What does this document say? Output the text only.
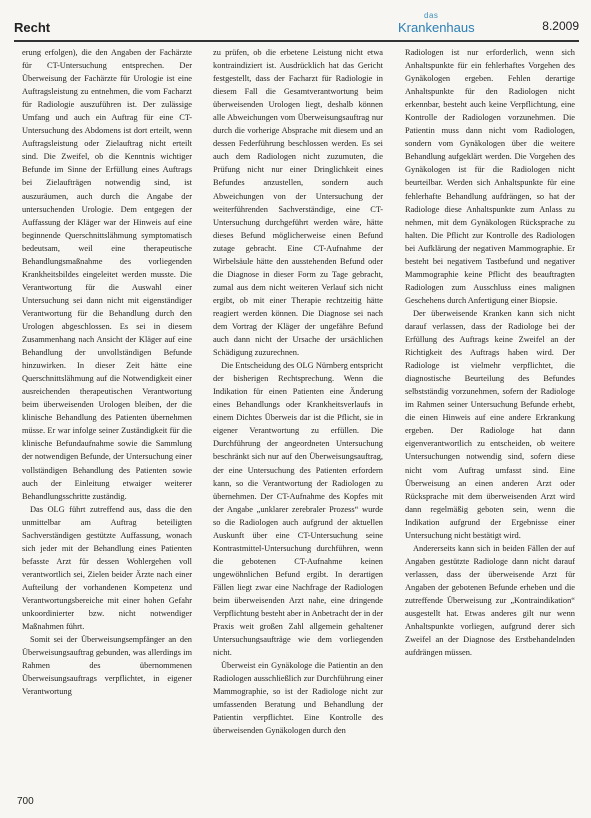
Recht
das
Krankenhaus	8.2009

erung erfolgen), die den Angaben der Fachärzte für CT-Untersuchung entsprechen. Der Überweisung der Fachärzte für Urologie ist eine Auftragsleistung zu entnehmen, die vom Facharzt für Radiologie auszuführen ist. Der zulässige Umfang und auch ein Auftrag für eine CT-Untersuchung des Abdomens ist dort erteilt, wenn Auftragsleistung oder Zielauftrag nicht erteilt sind. Die Zweifel, ob die Kenntnis wichtiger Befunde im Sinne der Erfüllung eines Auftrags bei Zielaufträgen notwendig sind, ist auszuräumen, auch durch die Angabe der untersuchenden Urologie. Dem entgegen der Auffassung der Kläger war der Hinweis auf eine beginnende Querschnittslähmung symptomatisch bedeutsam, weil eine therapeutische Behandlungsmaßnahme des vorliegenden Krankheitsbildes eingeleitet werden musste. Die Verantwortung für die Auswahl einer Untersuchung sei dann nicht mit eigenständiger Verantwortung für die Behandlung durch den Urologen abgeschlossen. Es sei in diesem Zusammenhang nach Ansicht der Kläger auf eine Behandlung der unvollständigen Befunde hinzuwirken. In dieser Zeit hätte eine Querschnittslähmung auf die Notwendigkeit einer ausreichenden therapeutischen Verantwortung beim überweisenden Urologen bleiben, der die klinische Behandlung des Patienten übernehmen müsse. Er war infolge seiner Zuständigkeit für die klinische Befundaufnahme sowie die Sammlung der notwendigen Befunde, der Untersuchung einer vollständigen Behandlung des Patienten sowie auch der Einleitung etwaiger weiterer Behandlungsschritte zuständig.

Das OLG führt zutreffend aus, dass die den unmittelbar am Auftrag beteiligten Sachverständigen gestützte Auffassung, wonach sich jeder mit der Behandlung eines Patienten befasste Arzt für dessen Wohlergehen voll verantwortlich sei, Zielen beider Ärzte nach einer Aufteilung der vorhandenen Kompetenz und Verantwortungsbereiche mit einer hohen Gefahr unkoordinierter bzw. nicht notwendiger Maßnahmen führt.

Somit sei der Überweisungsempfänger an den Überweisungsauftrag gebunden, was allerdings im Rahmen des übernommenen Überweisungsauftrags verpflichtet, in eigener Verantwortung

zu prüfen, ob die erbetene Leistung nicht etwa kontraindiziert ist. Ausdrücklich hat das Gericht festgestellt, dass der Facharzt für Radiologie in diesem Fall die Gesamtverantwortung beim überweisenden Urologen liegt, deshalb können alle Abweichungen vom Überweisungsauftrag nur durch die vorherige Absprache mit diesem und an dessen Federführung beschlossen werden. Es sei auch dem Radiologen nicht zuzumuten, die Prüfung nicht nur einer Dringlichkeit eines Befundes anzustellen, sondern auch Abweichungen von der Untersuchung der weiterführenden Sachverständige, eine CT-Untersuchung durchgeführt werden wäre, hätte dieses Befund möglicherweise einen Befund zutage gebracht. Eine CT-Aufnahme der Wirbelsäule hätte den ausstehenden Befund oder die Diagnose in dieser Form zu Tage gebracht, zumal aus dem nicht weiteren Verlauf sich nicht ergibt, ob mit einer Therapie rechtzeitig hätte reagiert werden können. Die Diagnose sei nach dem Vortrag der Kläger der ungefähre Befund auch dann nicht der Ursache der ursächlichen Schädigung zuzurechnen.

Die Entscheidung des OLG Nürnberg entspricht der bisherigen Rechtsprechung. Wenn die Indikation für einen Patienten eine Änderung eines Behandlungs oder Krankheitsverlaufs in einem Dichtes Überweis dar ist die Pflicht, sie in eigener Verantwortung zu erfüllen. Die Durchführung der angeordneten Untersuchung beschränkt sich nur auf den Überweisungsauftrag, der eine Untersuchung des Patienten erfordern kann, so die Verantwortung der Radiologen zu übernehmen. Der CT-Aufnahme des Kopfes mit der Angabe „unklarer zerebraler Prozess“ wurde so die Radiologen auch aufgrund der aktuellen Auskunft über eine CT-Untersuchung seine Kontrastmittel-Untersuchung durchführen, wenn die gebotenen CT-Aufnahme keinen ungewöhnlichen Befund ergibt. In derartigen Fällen liegt zwar eine Nachfrage der Radiologen beim überweisenden Arzt nahe, eine dringende Verpflichtung besteht aber in Anbetracht der in der Praxis weit großen Zahl allgemein gehaltener Untersuchungsaufträge wie dem vorliegenden nicht.

Überweist ein Gynäkologe die Patientin an den Radiologen ausschließlich zur Durchführung einer Mammographie, so ist der Radiologe nicht zur umfassenden Beratung und Behandlung der Patientin verpflichtet. Eine Kontrolle des überweisenden Gynäkologen durch den

Radiologen ist nur erforderlich, wenn sich Anhaltspunkte für ein fehlerhaftes Vorgehen des Gynäkologen ergeben. Fehlen derartige Anhaltspunkte für den Radiologen nicht erkennbar, besteht auch keine Verpflichtung, eine Kontrolle der Radiologen vorzunehmen. Die Patientin muss dann nicht vom Radiologen, sondern vom Gynäkologen über die weitere Behandlung aufgeklärt werden. Die Vorgehen des Gynäkologen ist für die Radiologen nicht beurteilbar. Werden sich Anhaltspunkte für eine fehlerhafte Behandlung aufdrängen, so hat der Radiologe diese Anhaltspunkte zum Anlass zu nehmen, mit dem Gynäkologen Rücksprache zu halten. Die Pflicht zur Kontrolle des Radiologen bei Aufklärung der negativen Mammographie. Er besteht bei negativem Tastbefund und negativer Mammographie keine Pflicht des beauftragten Radiologen zum Ausschluss eines malignen Geschehens durch Anfertigung einer Biopsie.

Der überweisende Kranken kann sich nicht darauf verlassen, dass der Radiologe bei der Erfüllung des Auftrags keine Zweifel an der Richtigkeit des Auftrags haben wird. Der Radiologe ist vielmehr verpflichtet, die diagnostische Beurteilung des Befundes selbstständig vorzunehmen, sofern der Radiologe im Rahmen seiner Untersuchung Befunde erhebt, die einen Hinweis auf eine andere Erkrankung ergeben. Der Radiologe hat dann eigenverantwortlich zu entscheiden, ob weitere Untersuchungen notwendig sind, sofern diese nicht vom Auftrag umfasst sind. Eine Überweisung an einen anderen Arzt oder Rücksprache mit dem überweisenden Arzt wird dann regelmäßig geboten sein, wenn die Indikation aufgrund der Ergebnisse einer Untersuchung nicht bestätigt wird.

Andererseits kann sich in beiden Fällen der auf Angaben gestützte Radiologe dann nicht darauf verlassen, dass der überweisende Arzt für Angaben der gebotenen Befunde erheben und die zutreffende Überweisung zur „Kontraindikation“ ausgestellt hat. Etwas anderes gilt nur wenn Anhaltspunkte vorliegen, aufgrund derer sich Zweifel an der Diagnose des Erstbehandelnden aufdrängen müssen.

700
